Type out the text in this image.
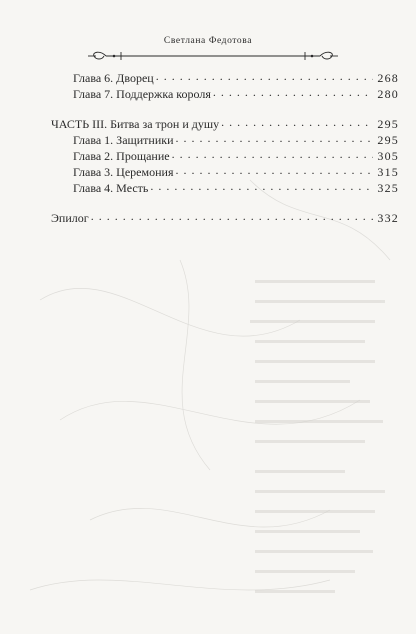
Светлана Федотова
Глава 6. Дворец . . .	268
Глава 7. Поддержка короля . . .	280
ЧАСТЬ III. Битва за трон и душу . . .	295
Глава 1. Защитники . . .	295
Глава 2. Прощание . . .	305
Глава 3. Церемония . . .	315
Глава 4. Месть . . .	325
Эпилог . . .	332
